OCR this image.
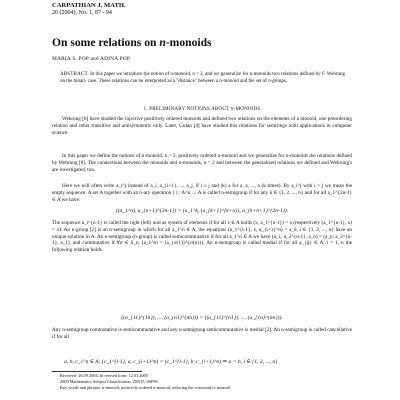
CARPATHIAN J. MATH.
20 (2004), No. 1, 87 - 94
On some relations on n-monoids
MARIA S. POP and ADINA POP
ABSTRACT. In this paper we introduce the notion of n-monoid, n > 2, and we generalize for n-monoids two relations defined by F. Wehrung on the binary case. These relations can be interpreted as a "distance" between a n-monoid and the set of n-groups.
1. PRELIMINARY NOTIONS ABOUT n-MONOIDS
Wehrung [8] have studied the injective positively ordered monoids and defined two relations on the elements of a monoid, one preordering relation and other transitive and antisymmetric only. Later, Golan [4] have studied this relations for semirings with applications in computer science.
In this paper we define the notions of n-monoid, n > 2, positively ordered n-monoid and we generalize for n-monoids the relations defined by Wehrung [8]. The connections between the monoids and n-monoids, n > 2 and between the generalized relations we defined and Wehrung's are investigated, too.
Here we will often write a_i^j instead of a_i, a_{i+1}, ..., a_j, if i ≤ j and (k) a for a, a, ..., a (k times). By a_i^j with i > j we mean the empty sequence. A set A together with an n-ary operation ( ) : A^n → A is called n-semigroup if for any k ∈ {1, 2, ..., n} and for all a_1^{2n-1} ∈ A we have:
((a_1^n), a_{n+1}^{2n-1}) = (a_1^k, (a_{k+1}^{k+n}), a_{k+n+1}^{2n-1}).
The sequence a_i^{n-1} is called the right (left) unit as system of elements if for all x ∈ A holds (x, a_1^{n-1}) = x (respectively (a_1^{n-1}, x) = x). An n-group [2] is an n-semigroup in which for all a_1^n ∈ A, the equations (a_1^{i-1}, x, a_{i+1}^n) = a_0, i ∈ {1, 2, ..., n} have an unique solution in A. An n-semigroup (n-group) is called semicommutative if for all a_1^n ∈ A we have (a_1, a_2^{n-1}, a_n) = (a_n, a_2^{n-1}, a_1), and commutative if ∀σ ∈ S_n, (a_1^n) = (a_{σ(1)}^{σ(n)}). An n-semigroup is called medial if for all a_{ij} ∈ A; i = 1, n the following relation holds
((a_{11}^{1n}), ..., (a_{n1}^{nn})) = ((a_{11}^{n1}), ..., (a_{1n}^{nn})).
Any n-semigroup commutative is semicommutative and any n-semigroup semicommutative is medial [2]. An n-semigroup is called cancellative if for all
a, b, c_1^n ∈ A; (c_1^{i-1}, a, c_{i+1}^n) = (c_1^{i-1}, b, c_{i+1}^n) ⇒ a = b, i ∈ {1, 2, ..., n}
Received: 26.09.2004; In revised form: 12.01.2005
2000 Mathematics Subject Classification. 20N15, 06F99.
Key words and phrases. n-monoid, positively ordered n-monoid, reducing the n-monoid to monoid.
